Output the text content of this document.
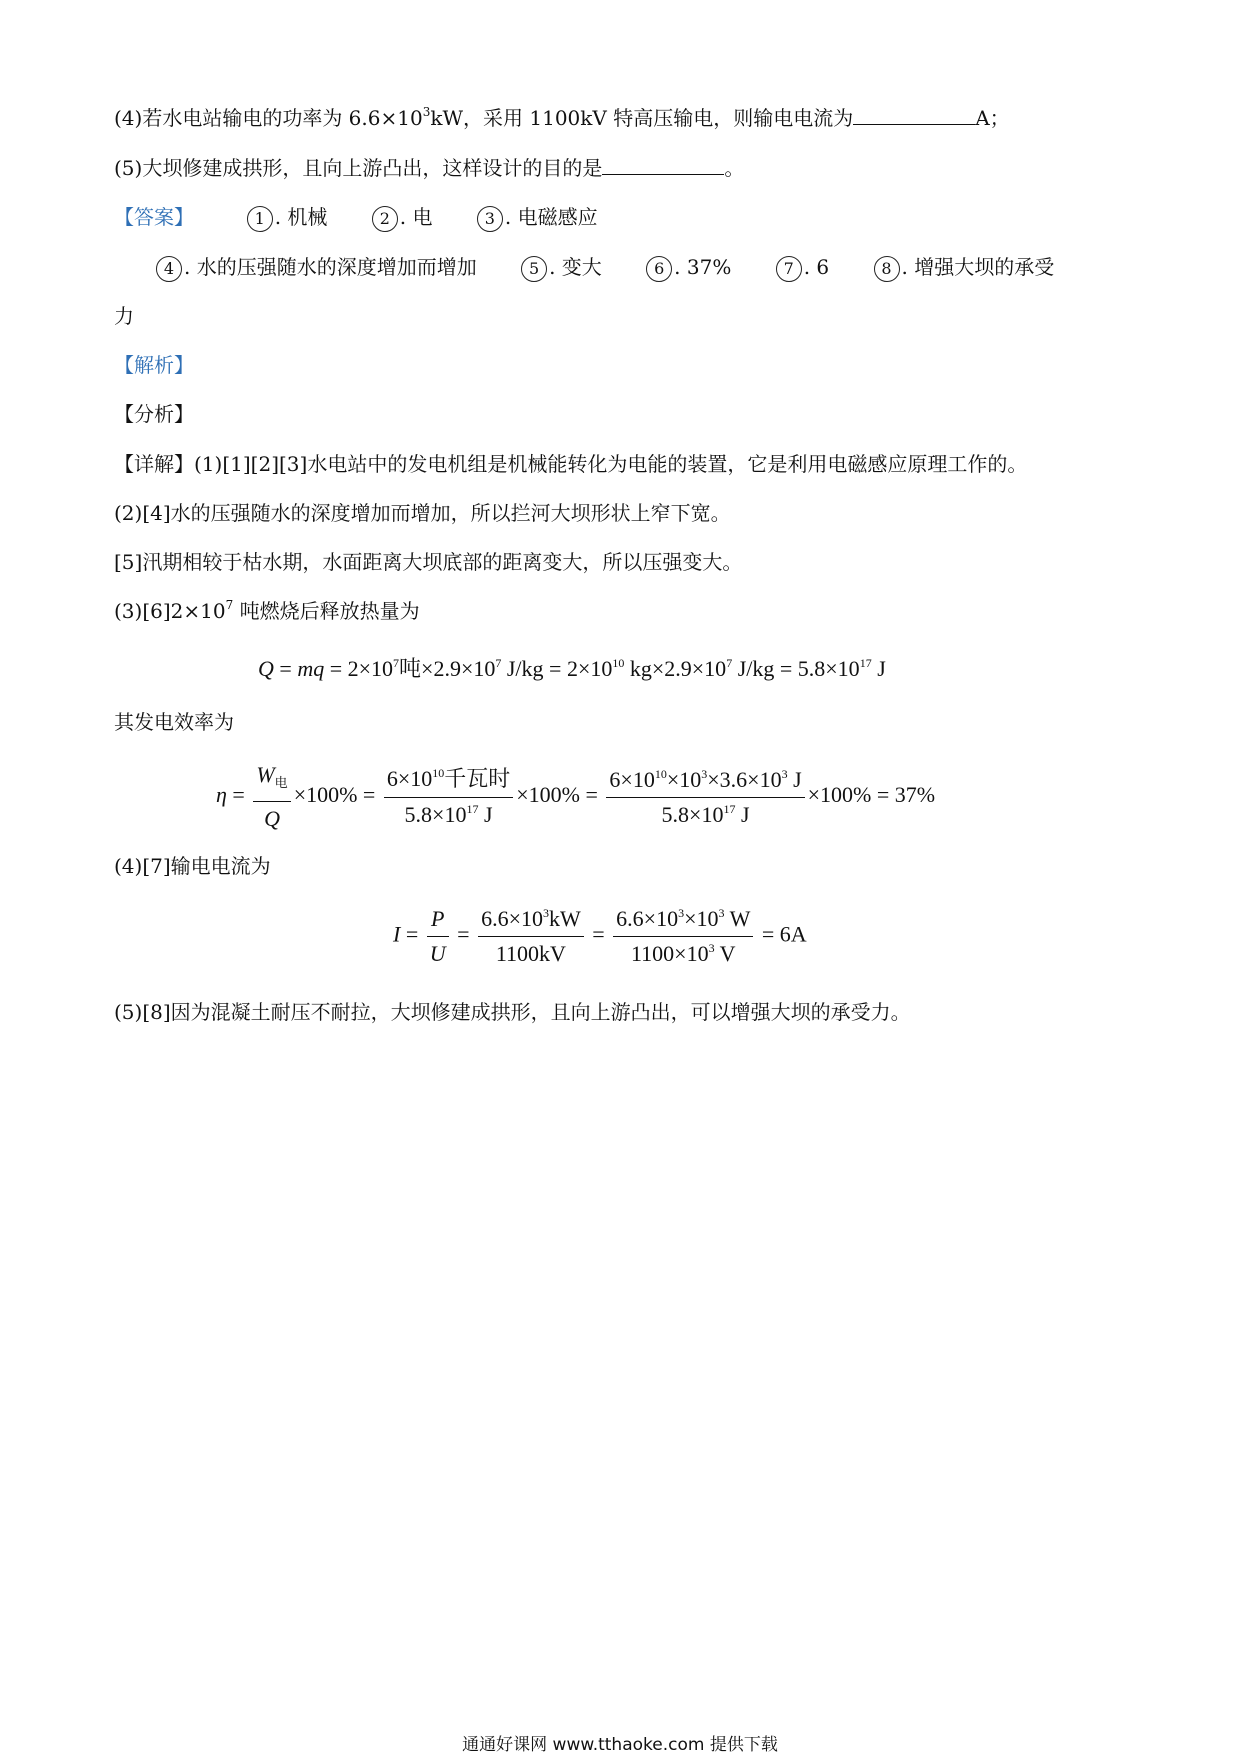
(4)若水电站输电的功率为 $6.6\times 10^3kW$，采用 1100kV 特高压输电，则输电电流为	A；
(5)大坝修建成拱形，且向上游凸出，这样设计的目的是	。
【答案】	1 . 机械	2 . 电	3 . 电磁感应
4 . 水的压强随水的深度增加而增加	5 . 变大	6 . 37%	7 . 6	8 . 增强大坝的承受
力
【解析】
【分析】
【详解】(1)[1][2][3]水电站中的发电机组是机械能转化为电能的装置，它是利用电磁感应原理工作的。
(2)[4]水的压强随水的深度增加而增加，所以拦河大坝形状上窄下宽。
[5]汛期相较于枯水期，水面距离大坝底部的距离变大，所以压强变大。
$(3)[6]2\times 10^7$ 吨燃烧后释放热量为
Q = mq = $2\times 10^7$吨$\times 2.9\times 10^7$ $J/kg = 2\times 10^{10}$ $kg\times 2.9\times 10^7$ $J/kg = 5.8\times 10^{17}$ J
其发电效率为
$\eta = \frac{W_电}{Q} \times 100\% = \frac{6\times 10^{10}千瓦时}{5.8\times 10^{17} J} \times 100\% = \frac{6\times 10^{10}\times 10^3\times 3.6\times 10^3 J}{5.8\times 10^{17} J} \times 100\% = 37\%$
(4)[7]输电电流为
$I = \frac{P}{U} = \frac{6.6\times 10^3kW}{1100kV} = \frac{6.6\times 10^3\times 10^3 W}{1100\times 10^3 V} = 6A$
(5)[8]因为混凝土耐压不耐拉，大坝修建成拱形，且向上游凸出，可以增强大坝的承受力。
通通好课网 www.tthaoke.com 提供下载
